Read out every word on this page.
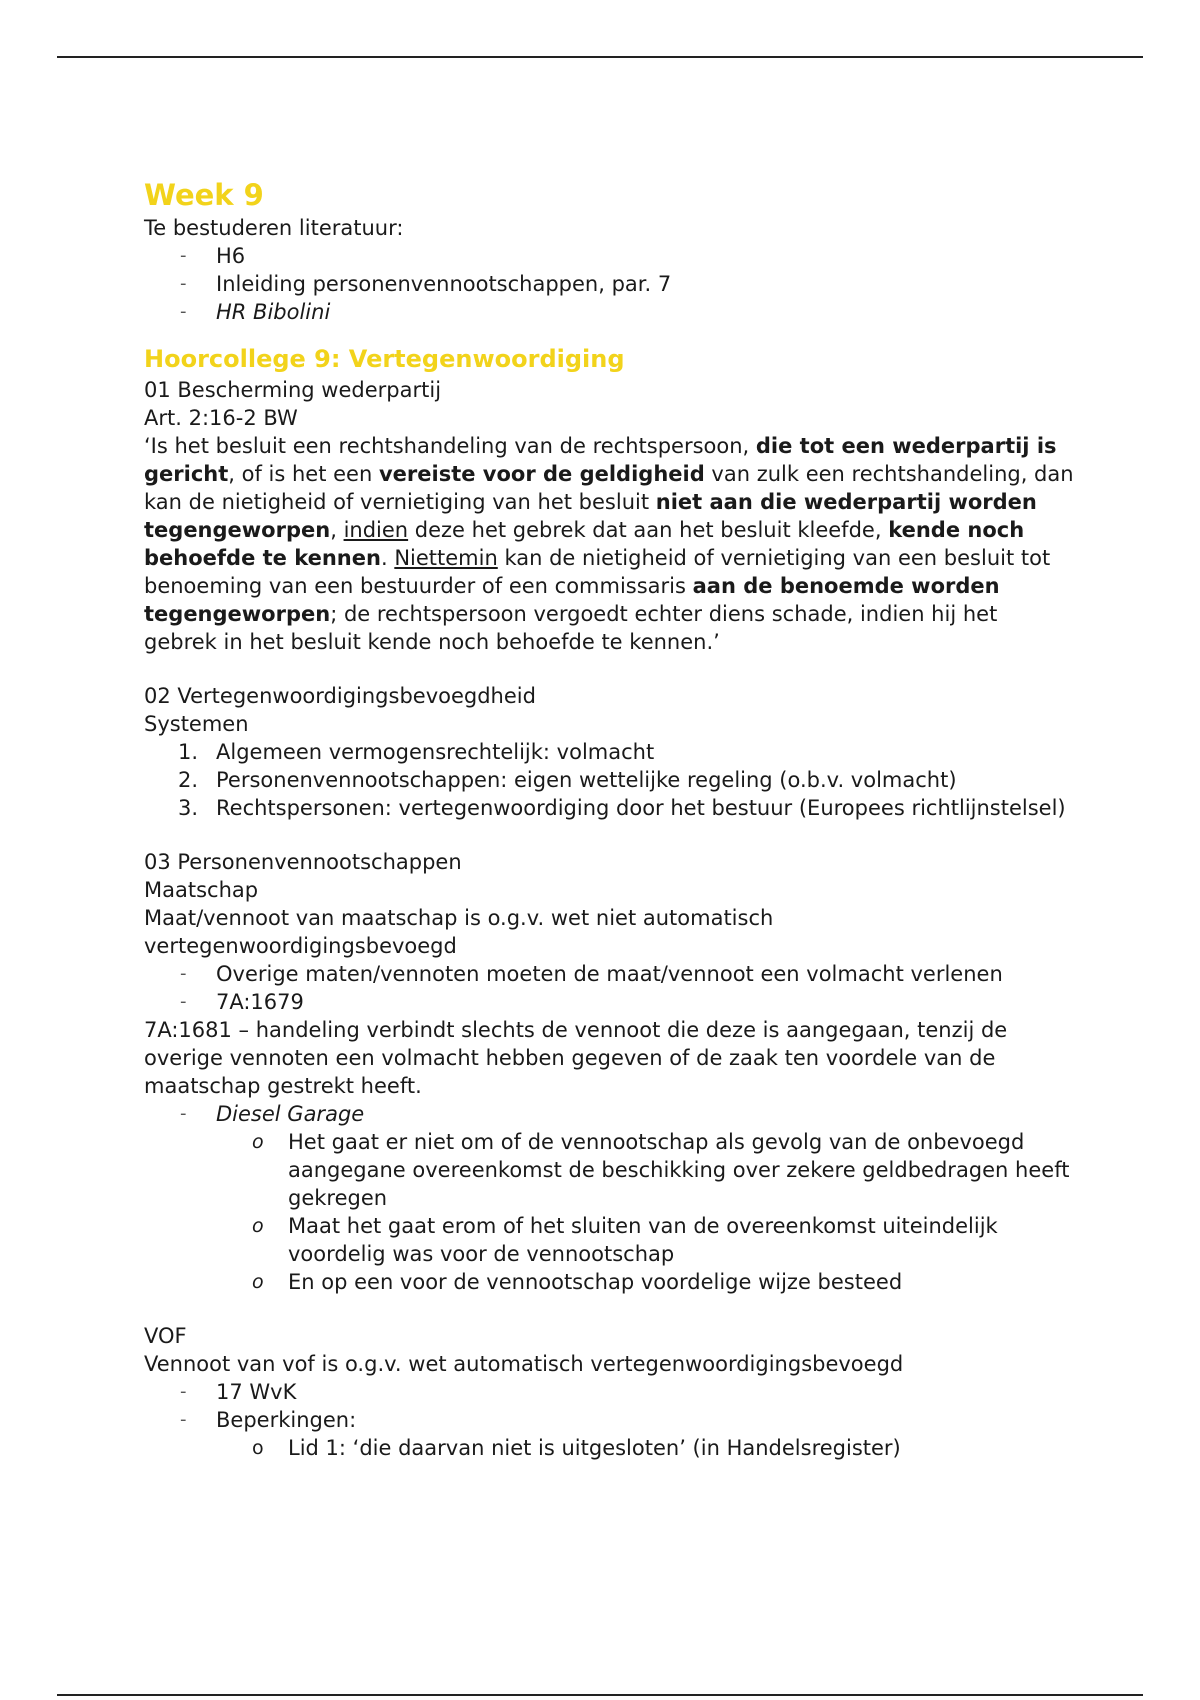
Week 9

Te bestuderen literatuur:

- H6
- Inleiding personenvennootschappen, par. 7
- HR Bibolini
Hoorcollege 9: Vertegenwoordiging

01 Bescherming wederpartij

Art. 2:16-2 BW

‘Is het besluit een rechtshandeling van de rechtspersoon, die tot een wederpartij is gericht, of is het een vereiste voor de geldigheid van zulk een rechtshandeling, dan kan de nietigheid of vernietiging van het besluit niet aan die wederpartij worden tegengeworpen, indien deze het gebrek dat aan het besluit kleefde, kende noch behoefde te kennen. Niettemin kan de nietigheid of vernietiging van een besluit tot benoeming van een bestuurder of een commissaris aan de benoemde worden tegengeworpen; de rechtspersoon vergoedt echter diens schade, indien hij het gebrek in het besluit kende noch behoefde te kennen.’

02 Vertegenwoordigingsbevoegdheid

Systemen

1. Algemeen vermogensrechtelijk: volmacht
2. Personenvennootschappen: eigen wettelijke regeling (o.b.v. volmacht)
3. Rechtspersonen: vertegenwoordiging door het bestuur (Europees richtlijnstelsel)

03 Personenvennootschappen

Maatschap

Maat/vennoot van maatschap is o.g.v. wet niet automatisch vertegenwoordigingsbevoegd

- Overige maten/vennoten moeten de maat/vennoot een volmacht verlenen
- 7A:1679

7A:1681 – handeling verbindt slechts de vennoot die deze is aangegaan, tenzij de overige vennoten een volmacht hebben gegeven of de zaak ten voordele van de maatschap gestrekt heeft.

- Diesel Garage
o Het gaat er niet om of de vennootschap als gevolg van de onbevoegd aangegane overeenkomst de beschikking over zekere geldbedragen heeft gekregen
o Maat het gaat erom of het sluiten van de overeenkomst uiteindelijk voordelig was voor de vennootschap
o En op een voor de vennootschap voordelige wijze besteed

VOF

Vennoot van vof is o.g.v. wet automatisch vertegenwoordigingsbevoegd

- 17 WvK
- Beperkingen:
o Lid 1: ‘die daarvan niet is uitgesloten’ (in Handelsregister)
